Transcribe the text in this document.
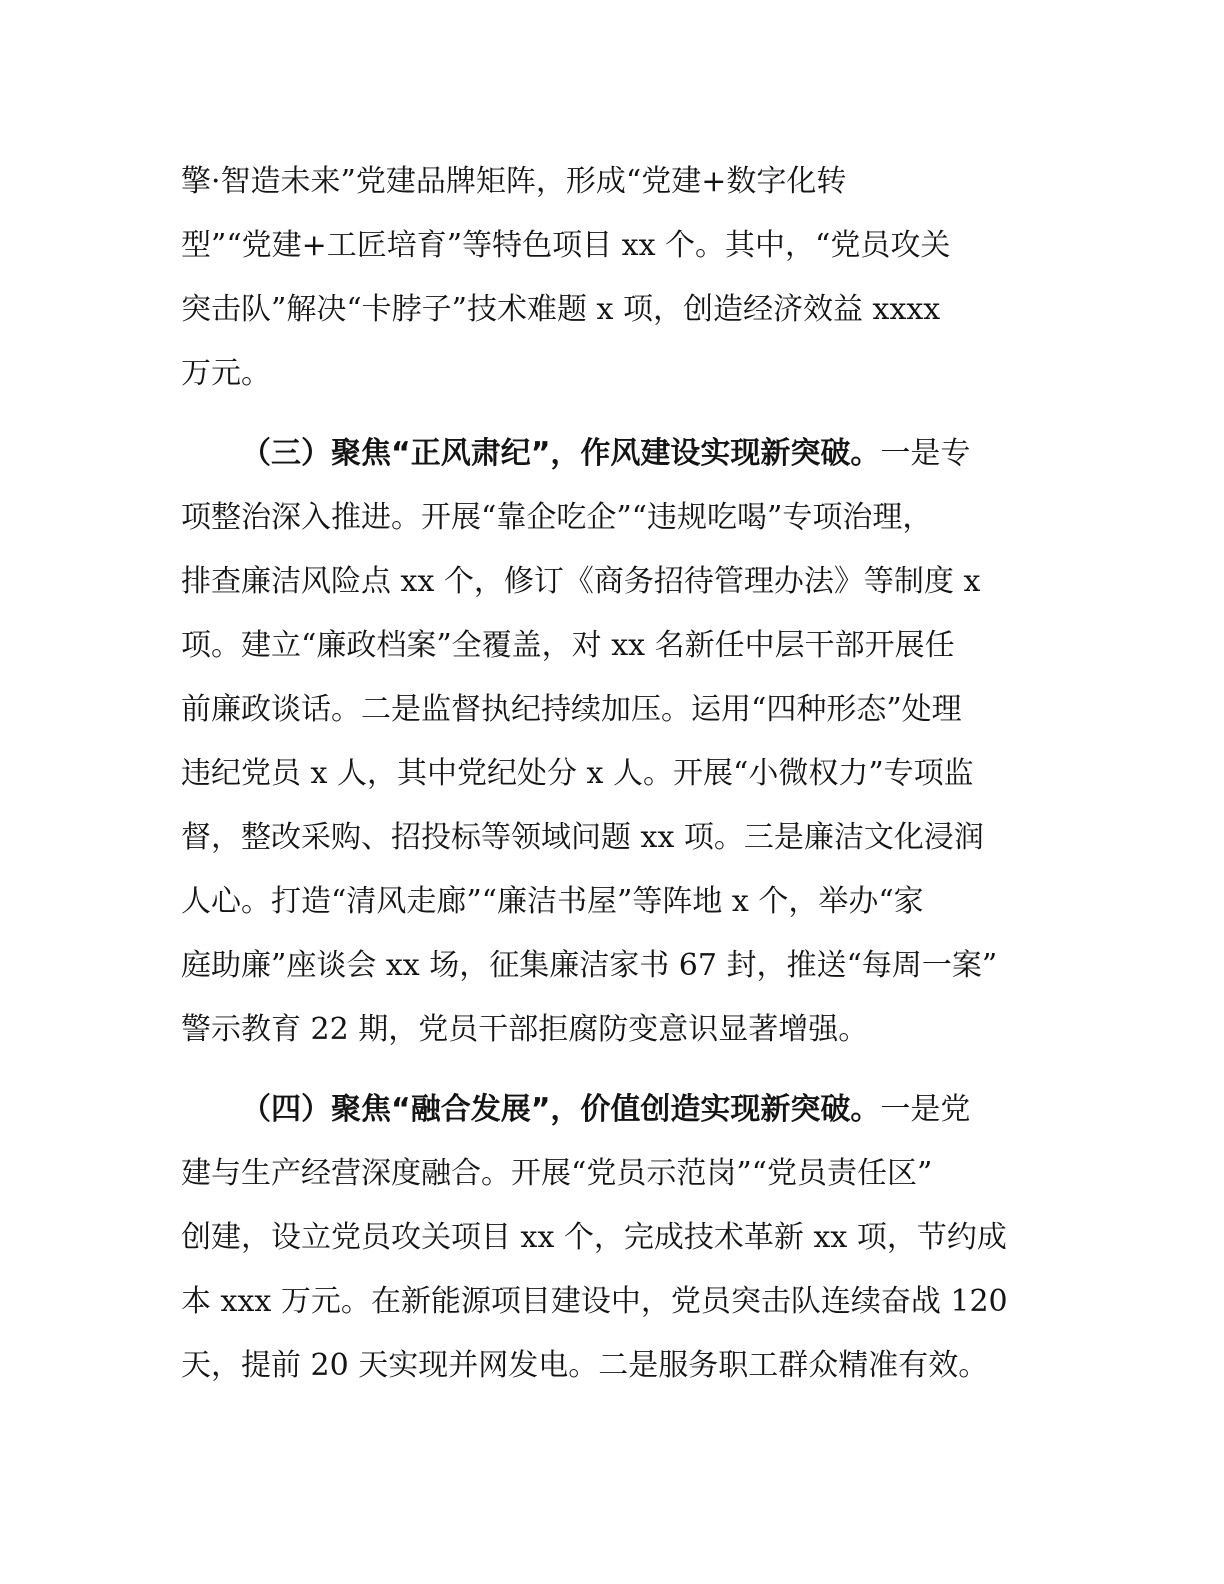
擎·智造未来”党建品牌矩阵，形成“党建+数字化转
型”“党建+工匠培育”等特色项目 xx 个。其中，“党员攻关
突击队”解决“卡脖子”技术难题 x 项，创造经济效益 xxxx
万元。
（三）聚焦“正风肃纪”，作风建设实现新突破。一是专
项整治深入推进。开展“靠企吃企”“违规吃喝”专项治理，
排查廉洁风险点 xx 个，修订《商务招待管理办法》等制度 x
项。建立“廉政档案”全覆盖，对 xx 名新任中层干部开展任
前廉政谈话。二是监督执纪持续加压。运用“四种形态”处理
违纪党员 x 人，其中党纪处分 x 人。开展“小微权力”专项监
督，整改采购、招投标等领域问题 xx 项。三是廉洁文化浸润
人心。打造“清风走廊”“廉洁书屋”等阵地 x 个，举办“家
庭助廉”座谈会 xx 场，征集廉洁家书 67 封，推送“每周一案”
警示教育 22 期，党员干部拒腐防变意识显著增强。
（四）聚焦“融合发展”，价值创造实现新突破。一是党
建与生产经营深度融合。开展“党员示范岗”“党员责任区”
创建，设立党员攻关项目 xx 个，完成技术革新 xx 项，节约成
本 xxx 万元。在新能源项目建设中，党员突击队连续奋战 120
天，提前 20 天实现并网发电。二是服务职工群众精准有效。
